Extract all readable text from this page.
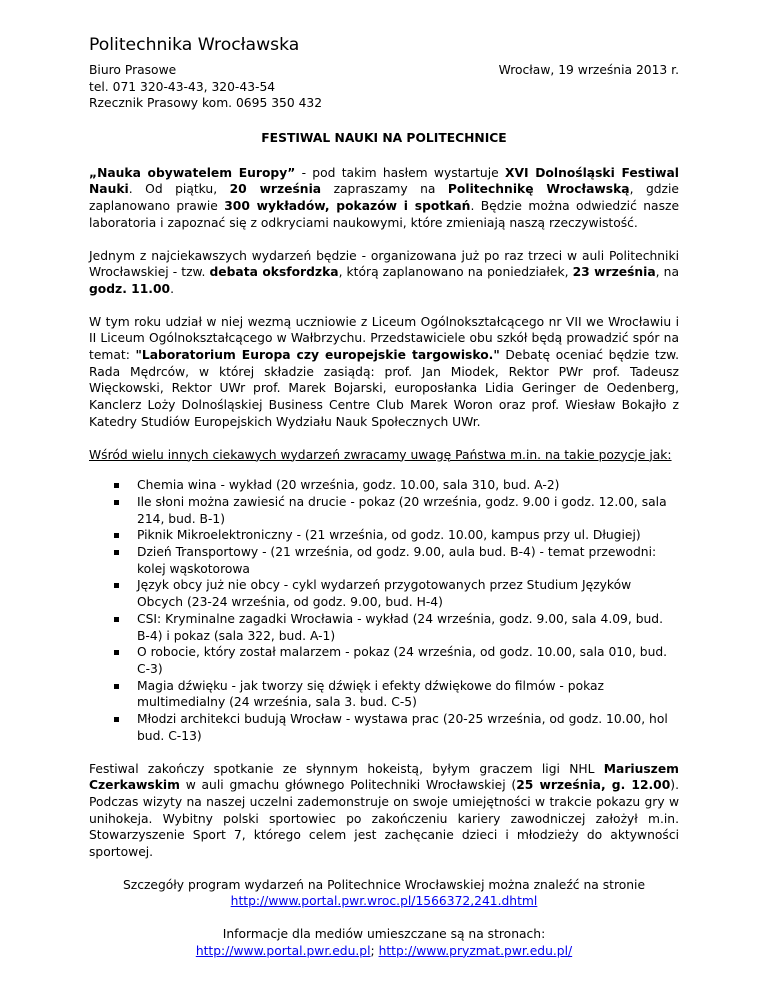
Politechnika Wrocławska
Biuro Prasowe
tel. 071 320-43-43, 320-43-54
Rzecznik Prasowy kom. 0695 350 432
Wrocław, 19 września 2013 r.
FESTIWAL NAUKI NA POLITECHNICE

„Nauka obywatelem Europy” - pod takim hasłem wystartuje XVI Dolnośląski Festiwal Nauki. Od piątku, 20 września zapraszamy na Politechnikę Wrocławską, gdzie zaplanowano prawie 300 wykładów, pokazów i spotkań. Będzie można odwiedzić nasze laboratoria i zapoznać się z odkryciami naukowymi, które zmieniają naszą rzeczywistość.

Jednym z najciekawszych wydarzeń będzie - organizowana już po raz trzeci w auli Politechniki Wrocławskiej - tzw. debata oksfordzka, którą zaplanowano na poniedziałek, 23 września, na godz. 11.00.

W tym roku udział w niej wezmą uczniowie z Liceum Ogólnokształcącego nr VII we Wrocławiu i II Liceum Ogólnokształcącego w Wałbrzychu. Przedstawiciele obu szkół będą prowadzić spór na temat: "Laboratorium Europa czy europejskie targowisko." Debatę oceniać będzie tzw. Rada Mędrców, w której składzie zasiądą: prof. Jan Miodek, Rektor PWr prof. Tadeusz Więckowski, Rektor UWr prof. Marek Bojarski, europosłanka Lidia Geringer de Oedenberg, Kanclerz Loży Dolnośląskiej Business Centre Club Marek Woron oraz prof. Wiesław Bokajło z Katedry Studiów Europejskich Wydziału Nauk Społecznych UWr.

Wśród wielu innych ciekawych wydarzeń zwracamy uwagę Państwa m.in. na takie pozycje jak:
Chemia wina - wykład (20 września, godz. 10.00, sala 310, bud. A-2)
Ile słoni można zawiesić na drucie - pokaz (20 września, godz. 9.00 i godz. 12.00, sala 214, bud. B-1)
Piknik Mikroelektroniczny - (21 września, od godz. 10.00, kampus przy ul. Długiej)
Dzień Transportowy - (21 września, od godz. 9.00, aula bud. B-4) - temat przewodni: kolej wąskotorowa
Język obcy już nie obcy - cykl wydarzeń przygotowanych przez Studium Języków Obcych (23-24 września, od godz. 9.00, bud. H-4)
CSI: Kryminalne zagadki Wrocławia - wykład (24 września, godz. 9.00, sala 4.09, bud. B-4) i pokaz (sala 322, bud. A-1)
O robocie, który został malarzem - pokaz (24 września, od godz. 10.00, sala 010, bud. C-3)
Magia dźwięku - jak tworzy się dźwięk i efekty dźwiękowe do filmów - pokaz multimedialny (24 września, sala 3. bud. C-5)
Młodzi architekci budują Wrocław - wystawa prac (20-25 września, od godz. 10.00, hol bud. C-13)

Festiwal zakończy spotkanie ze słynnym hokeistą, byłym graczem ligi NHL Mariuszem Czerkawskim w auli gmachu głównego Politechniki Wrocławskiej (25 września, g. 12.00). Podczas wizyty na naszej uczelni zademonstruje on swoje umiejętności w trakcie pokazu gry w unihokeja. Wybitny polski sportowiec po zakończeniu kariery zawodniczej założył m.in. Stowarzyszenie Sport 7, którego celem jest zachęcanie dzieci i młodzieży do aktywności sportowej.

Szczegóły program wydarzeń na Politechnice Wrocławskiej można znaleźć na stronie
http://www.portal.pwr.wroc.pl/1566372,241.dhtml
Informacje dla mediów umieszczane są na stronach:
http://www.portal.pwr.edu.pl; http://www.pryzmat.pwr.edu.pl/
